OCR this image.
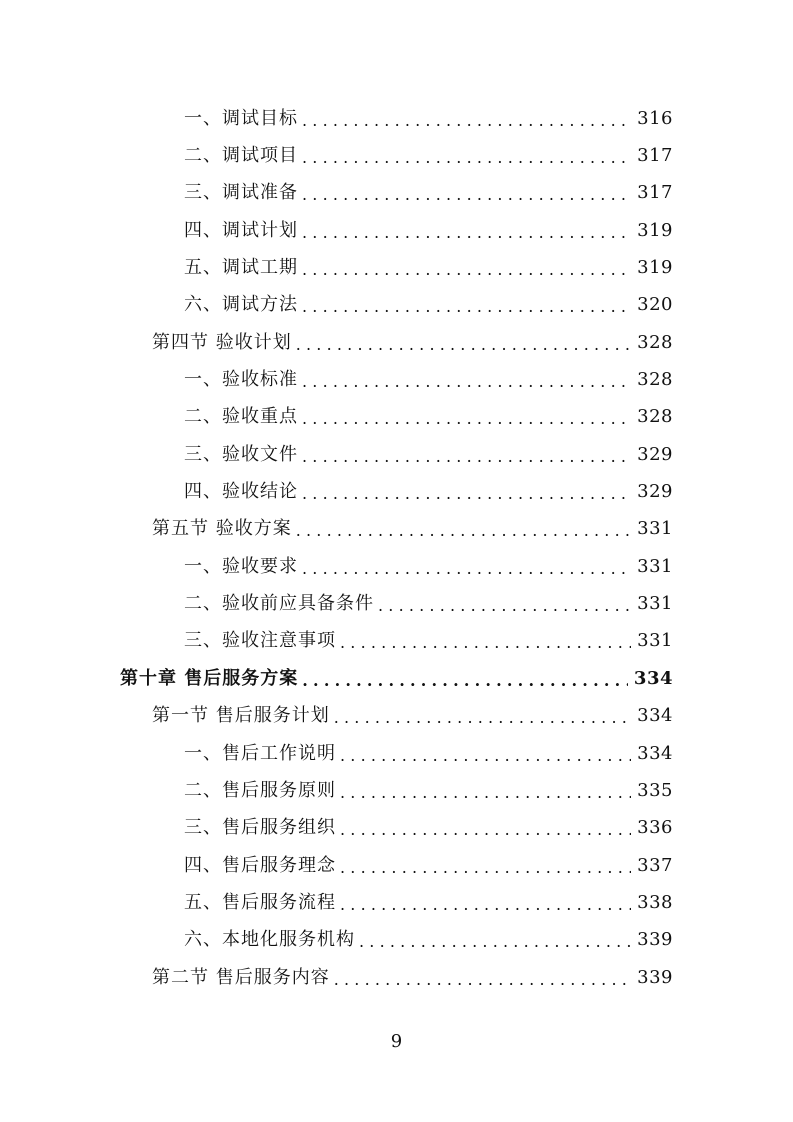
一、调试目标 .....	316
二、调试项目 .....	317
三、调试准备 .....	317
四、调试计划 .....	319
五、调试工期 .....	319
六、调试方法 .....	320
第四节 验收计划 .....	328
一、验收标准 .....	328
二、验收重点 .....	328
三、验收文件 .....	329
四、验收结论 .....	329
第五节 验收方案 .....	331
一、验收要求 .....	331
二、验收前应具备条件 .....	331
三、验收注意事项 .....	331
第十章 售后服务方案 .....	334
第一节 售后服务计划 .....	334
一、售后工作说明 .....	334
二、售后服务原则 .....	335
三、售后服务组织 .....	336
四、售后服务理念 .....	337
五、售后服务流程 .....	338
六、本地化服务机构 .....	339
第二节 售后服务内容 .....	339
9
